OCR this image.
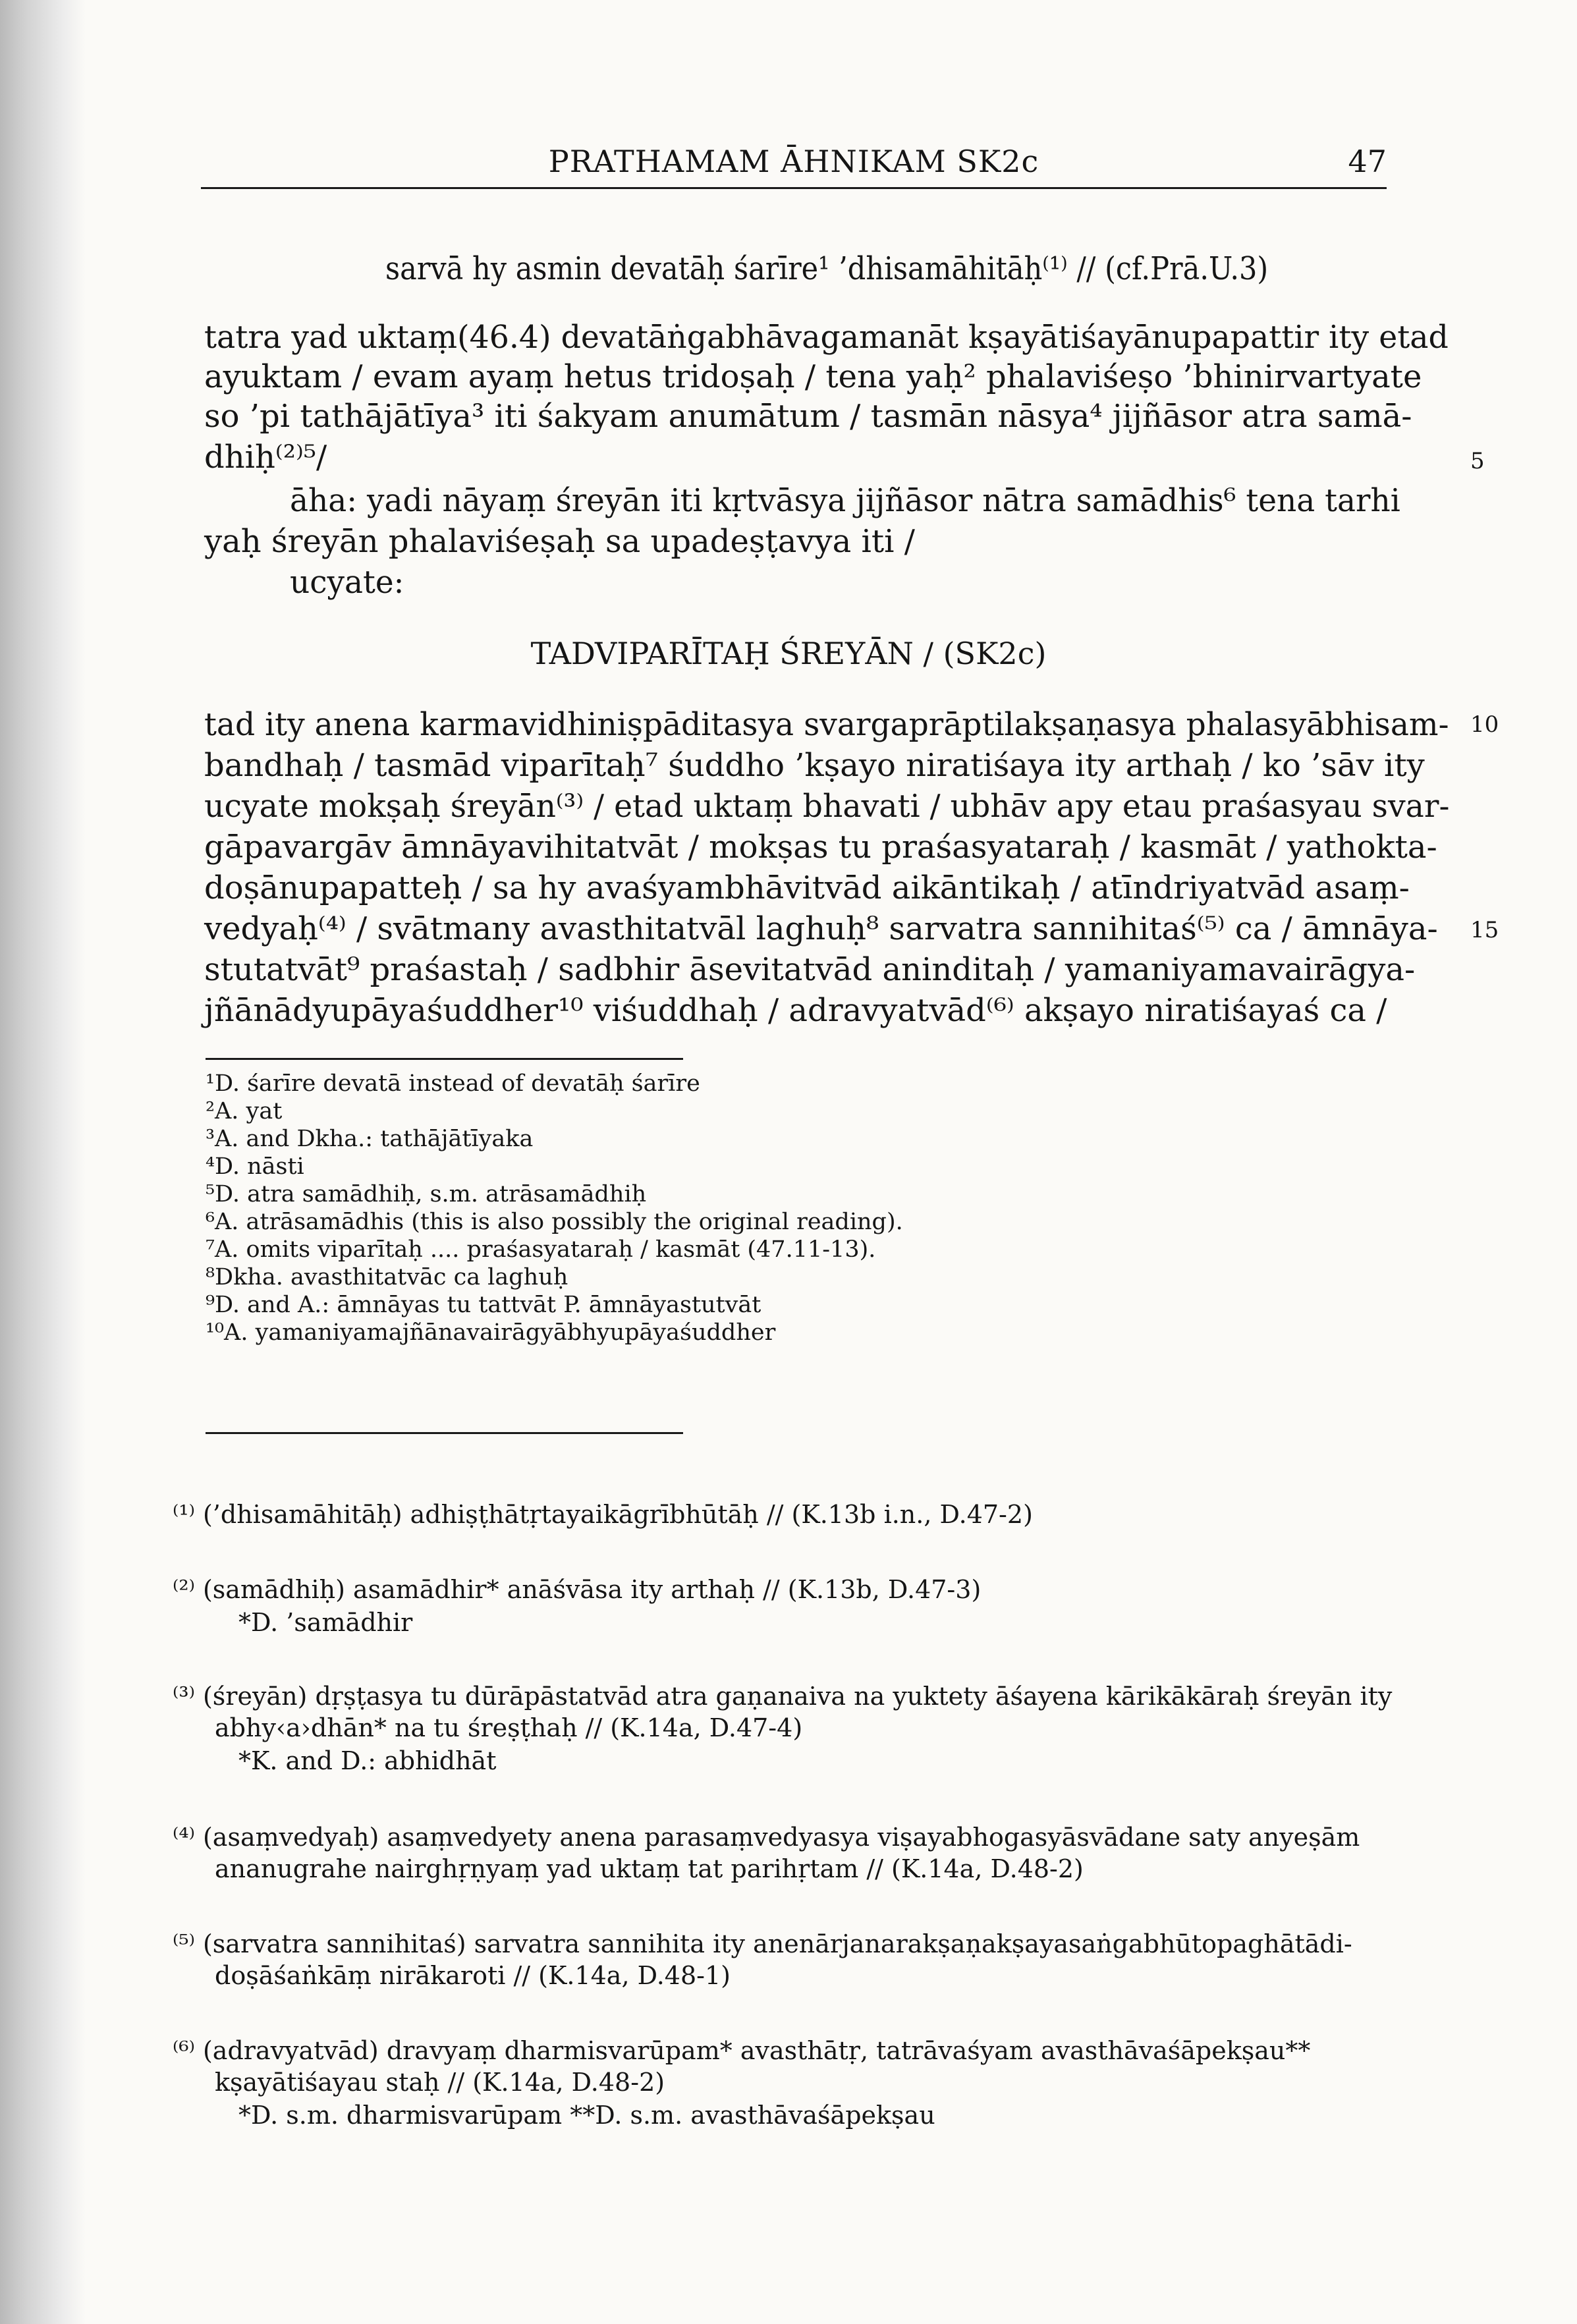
PRATHAMAM ĀHNIKAM SK2c	47
sarvā hy asmin devatāḥ śarīre¹ ’dhisamāhitāḥ⁽¹⁾ // (cf.Prā.U.3)
tatra yad uktaṃ(46.4) devatāṅgabhāvagamanāt kṣayātiśayānupapattir ity etad
ayuktam / evam ayaṃ hetus tridoṣaḥ / tena yaḥ² phalaviśeṣo ’bhinirvartyate
so ’pi tathājātīya³ iti śakyam anumātum / tasmān nāsya⁴ jijñāsor atra samā-
dhiḥ⁽²⁾⁵/
āha: yadi nāyaṃ śreyān iti kṛtvāsya jijñāsor nātra samādhis⁶ tena tarhi
yaḥ śreyān phalaviśeṣaḥ sa upadeṣṭavya iti /
ucyate:
TADVIPARĪTAḤ ŚREYĀN / (SK2c)
tad ity anena karmavidhiniṣpāditasya svargaprāptilakṣaṇasya phalasyābhisam-
bandhaḥ / tasmād viparītaḥ⁷ śuddho ’kṣayo niratiśaya ity arthaḥ / ko ’sāv ity
ucyate mokṣaḥ śreyān⁽³⁾ / etad uktaṃ bhavati / ubhāv apy etau praśasyau svar-
gāpavargāv āmnāyavihitatvāt / mokṣas tu praśasyataraḥ / kasmāt / yathokta-
doṣānupapatteḥ / sa hy avaśyambhāvitvād aikāntikaḥ / atīndriyatvād asaṃ-
vedyaḥ⁽⁴⁾ / svātmany avasthitatvāl laghuḥ⁸ sarvatra sannihitaś⁽⁵⁾ ca / āmnāya-
stutatvāt⁹ praśastaḥ / sadbhir āsevitatvād aninditaḥ / yamaniyamavairāgya-
jñānādyupāyaśuddher¹⁰ viśuddhaḥ / adravyatvād⁽⁶⁾ akṣayo niratiśayaś ca /
5
10
15
¹D. śarīre devatā instead of devatāḥ śarīre
²A. yat
³A. and Dkha.: tathājātīyaka
⁴D. nāsti
⁵D. atra samādhiḥ, s.m. atrāsamādhiḥ
⁶A. atrāsamādhis (this is also possibly the original reading).
⁷A. omits viparītaḥ .... praśasyataraḥ / kasmāt (47.11-13).
⁸Dkha. avasthitatvāc ca laghuḥ
⁹D. and A.: āmnāyas tu tattvāt P. āmnāyastutvāt
¹⁰A. yamaniyamajñānavairāgyābhyupāyaśuddher
⁽¹⁾ (’dhisamāhitāḥ) adhiṣṭhātṛtayaikāgrībhūtāḥ // (K.13b i.n., D.47-2)
⁽²⁾ (samādhiḥ) asamādhir* anāśvāsa ity arthaḥ // (K.13b, D.47-3)
*D. ’samādhir
⁽³⁾ (śreyān) dṛṣṭasya tu dūrāpāstatvād atra gaṇanaiva na yuktety āśayena kārikākāraḥ śreyān ity
abhy‹a›dhān* na tu śreṣṭhaḥ // (K.14a, D.47-4)
*K. and D.: abhidhāt
⁽⁴⁾ (asaṃvedyaḥ) asaṃvedyety anena parasaṃvedyasya viṣayabhogasyāsvādane saty anyeṣām
ananugrahe nairghṛṇyaṃ yad uktaṃ tat parihṛtam // (K.14a, D.48-2)
⁽⁵⁾ (sarvatra sannihitaś) sarvatra sannihita ity anenārjanarakṣaṇakṣayasaṅgabhūtopaghātādi-
doṣāśaṅkāṃ nirākaroti // (K.14a, D.48-1)
⁽⁶⁾ (adravyatvād) dravyaṃ dharmisvarūpam* avasthātṛ, tatrāvaśyam avasthāvaśāpekṣau**
kṣayātiśayau staḥ // (K.14a, D.48-2)
*D. s.m. dharmisvarūpam **D. s.m. avasthāvaśāpekṣau
